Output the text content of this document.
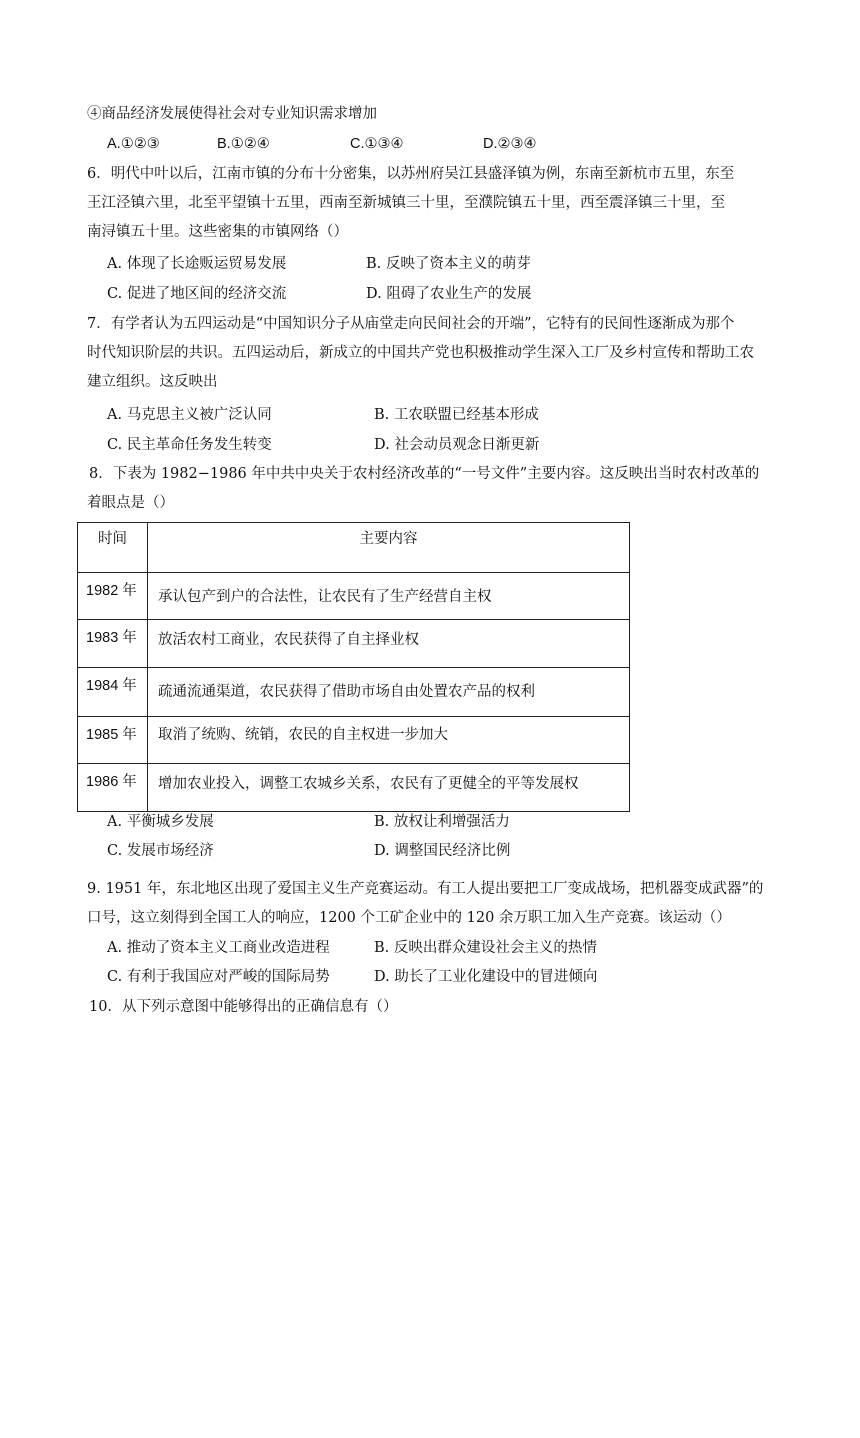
④商品经济发展使得社会对专业知识需求增加
A.①②③	B.①②④	C.①③④	D.②③④
6．明代中叶以后，江南市镇的分布十分密集，以苏州府吴江县盛泽镇为例，东南至新杭市五里，东至
王江泾镇六里，北至平望镇十五里，西南至新城镇三十里，至濮院镇五十里，西至震泽镇三十里，至
南浔镇五十里。这些密集的市镇网络（）
A. 体现了长途贩运贸易发展	B. 反映了资本主义的萌芽
C. 促进了地区间的经济交流	D. 阻碍了农业生产的发展
7．有学者认为五四运动是“中国知识分子从庙堂走向民间社会的开端”，它特有的民间性逐渐成为那个
时代知识阶层的共识。五四运动后，新成立的中国共产党也积极推动学生深入工厂及乡村宣传和帮助工农
建立组织。这反映出
A. 马克思主义被广泛认同	B. 工农联盟已经基本形成
C. 民主革命任务发生转变	D. 社会动员观念日渐更新
8．下表为 1982−1986 年中共中央关于农村经济改革的“一号文件”主要内容。这反映出当时农村改革的
着眼点是（）
时间	主要内容
1982 年	承认包产到户的合法性，让农民有了生产经营自主权
1983 年	放活农村工商业，农民获得了自主择业权
1984 年	疏通流通渠道，农民获得了借助市场自由处置农产品的权利
1985 年	取消了统购、统销，农民的自主权进一步加大
1986 年	增加农业投入，调整工农城乡关系，农民有了更健全的平等发展权
A. 平衡城乡发展	B. 放权让利增强活力
C. 发展市场经济	D. 调整国民经济比例
9. 1951 年，东北地区出现了爱国主义生产竞赛运动。有工人提出要把工厂变成战场，把机器变成武器”的
口号，这立刻得到全国工人的响应，1200 个工矿企业中的 120 余万职工加入生产竞赛。该运动（）
A. 推动了资本主义工商业改造进程	B. 反映出群众建设社会主义的热情
C. 有利于我国应对严峻的国际局势	D. 助长了工业化建设中的冒进倾向
10．从下列示意图中能够得出的正确信息有（）
